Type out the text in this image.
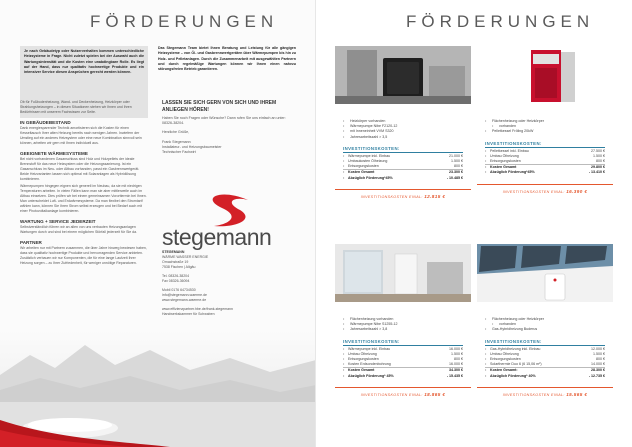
FÖRDERUNGEN
Je nach Gebäudetyp oder Nutzerverhalten kommen unterschiedliche Heizsysteme in Frage. Nicht zuletzt spielen bei der Auswahl auch die Wartungsintensität und die Kosten eine unabdingbare Rolle. Es liegt auf der Hand, dass nur qualitativ hochwertige Produkte und ein intensiver Service diesen Ansprüchen gerecht werden können.
Das Stegemann Team bietet Ihnen Beratung und Leistung für alle gängigen Heizsysteme – von Öl- und Gasbrennwertgeräten über Wärmepumpen bis hin zu Holz- und Pelletanlagen. Durch die Zusammenarbeit mit ausgewählten Partnern und durch regelmäßige Wartungen können wir Ihnen einen nahezu störungsfreien Betrieb garantieren.

Ob für Fußbodenheizung, Wand- und Deckenheizung, Heizkörper oder Strahlungsheizungen – in diesen Situationen stehen wir Ihnen und Ihren Bedürfnissen mit unserem Fachwissen zur Seite.

IN GEBÄUDEBESTAND

Dank energiesparender Technik amortisieren sich die Kosten für einen Kesseltausch Ihrer alten Heizung bereits nach wenigen Jahren. Inwiefern der Umstieg auf ein anderes Heizsystem oder eine neue Kombination sinnvoll sein können, arbeiten wir gern mit Ihnen individuell aus.

GEEIGNETE WÄRMESYSTEME

Bei nicht vorhandenen Gasanschluss sind Holz und Holzpellets der ideale Brennstoff für das neue Heizsystem oder die Heizungssanierung. Ist ein Gasanschluss im Neu- oder Altbau vorhanden, passt ein Gasbrennwertgerät. Beide Heizvarianten lassen sich optimal mit Solaranlagen als Hybridlösung kombinieren.

Wärmepumpen hingegen eignen sich generell im Neubau, da sie mit niedrigen Temperaturen arbeiten. In vielen Fällen kann man sie aber mittlerweile auch im Altbau einsetzen. Dies prüfen wir bei einem gemeinsamen Vororttermin bei Ihnen. Man unterscheidet Luft- und Erdwärmesysteme. Da man flexibel den Stromtarif wählen kann, können Sie Ihren Strom selbst erzeugen und bei Bedarf auch mit einer Photovoltaikanlage kombinieren.

WARTUNG + SERVICE JEDERZEIT

Selbstverständlich führen wir an allen von uns verbauten Heizungsanlagen Wartungen durch und sind bei einem möglichen Störfall jederzeit für Sie da.

PARTNER

Wir arbeiten nur mit Partnern zusammen, die über Jahre hinweg bewiesen haben, dass sie qualitativ hochwertige Produkte und hervorragenden Service anbieten. Zusätzlich verbauen wir nur Komponenten, die für eine lange Laufzeit Ihrer Heizung sorgen – zu Ihrer Zufriedenheit, für weniger unnötige Reparaturen.

LASSEN SIE SICH GERN VON SICH UND IHREM ANLIEGEN HÖREN!

Haben Sie noch Fragen oder Wünsche? Dann rufen Sie uns einfach an unter: 08326-38204.

Herzliche Grüße,

Frank Stegemann

Installateur- und Heizungsbaumeister

Technischer Fachwirt

stegemann

STEGEMANN

WÄRME WASSER ENERGIE

Ornachstraße 19

7538 Fischen | Allgäu

Tel. 08326-38204

Fax 08326-36094

Mobil 0176 64734530

info@stegemann-waerme.de

www.stegemann-waerme.de

www.effizienzpartner.hbe.de/frank-stegemann

Handwerkskammer für Schwaben

FÖRDERUNGEN
• Heizkörper vorhanden
• Wärmepumpe Nibe F2120-12
• mit Inneneinheit VVM S320
• Jahresarbeitszahl > 3,5
INVESTITIONSKOSTEN:
• Wärmepumpe inkl. Einbau	21.000 €
• Umbaukosten Ölheizung	1.500 €
• Entsorgungskosten	800 €
• Kosten Gesamt	23.300 €
• Abzüglich Förderung*45%	- 10.485 €
INVESTITIONSKOSTEN EINAL: 12.815 €
• Flächenheizung oder Heizkörper
• vorhanden
• Pelletkessel Fröling 20kW
INVESTITIONSKOSTEN:
• Pelletkessel inkl. Einbau	27.500 €
• Umbau Ölheizung	1.500 €
• Entsorgungskosten	800 €
• Kosten Gesamt	29.800 €
• Abzüglich Förderung*45%	- 13.410 €
INVESTITIONSKOSTEN EINAL: 16.390 €
• Flächenheizung vorhanden
• Wärmepumpe Nibe S1255-12
• Jahresarbeitszahl > 3,8
INVESTITIONSKOSTEN:
• Wärmepumpe inkl. Einbau	16.000 €
• Umbau Ölheizung	1.500 €
• Entsorgungskosten	800 €
• Kosten Erdsondenbohrung	16.000 €
• Kosten Gesamt	34.300 €
• Abzüglich Förderung* 45%	- 15.435 €
INVESTITIONSKOSTEN EINAL: 18.865 €
• Flächenheizung oder Heizkörper
• vorhanden
• Gas-Hybridheizung Buderus
INVESTITIONSKOSTEN:
• Gas-Hybridheizung inkl. Einbau	12.000 €
• Umbau Ölheizung	1.500 €
• Entsorgungskosten	800 €
• Solarthermie Duo 6 (6 15,06 m²)	14.000 €
• Kosten Gesamt:	28.300 €
• Abzüglich Förderung* 40%	- 12.735 €
INVESTITIONSKOSTEN EINAL: 15.565 €
